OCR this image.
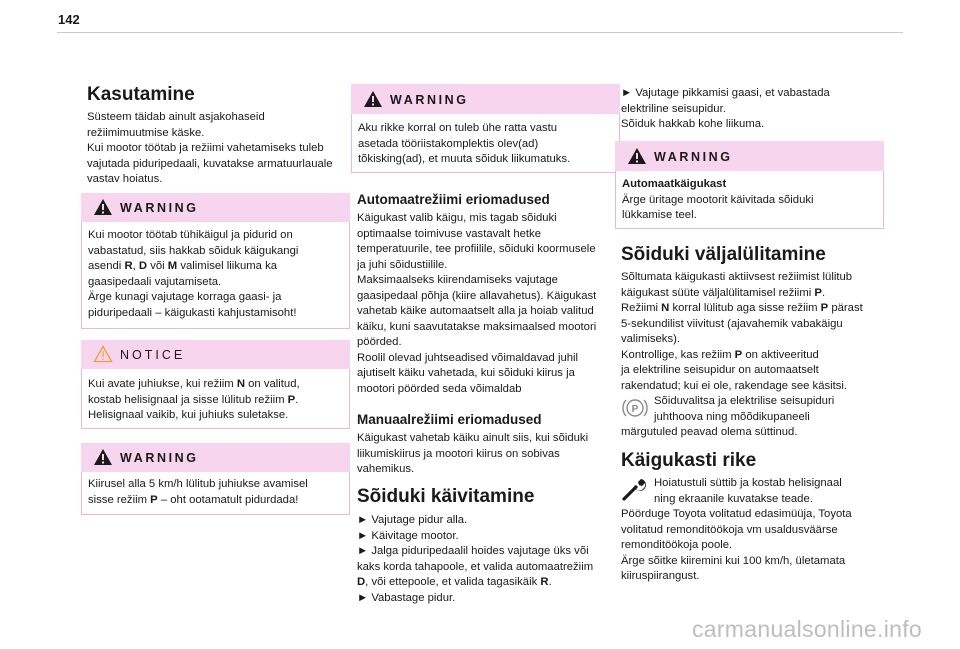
142
Kasutamine
Süsteem täidab ainult asjakohaseid
režiimimuutmise käske.
Kui mootor töötab ja režiimi vahetamiseks tuleb
vajutada piduripedaali, kuvatakse armatuurlauale
vastav hoiatus.
WARNING
Kui mootor töötab tühikäigul ja pidurid on
vabastatud, siis hakkab sõiduk käigukangi
asendi R, D või M valimisel liikuma ka
gaasipedaali vajutamiseta.
Ärge kunagi vajutage korraga gaasi- ja
piduripedaali – käigukasti kahjustamisoht!
NOTICE
Kui avate juhiukse, kui režiim N on valitud,
kostab helisignaal ja sisse lülitub režiim P.
Helisignaal vaikib, kui juhiuks suletakse.
WARNING
Kiirusel alla 5 km/h lülitub juhiukse avamisel
sisse režiim P – oht ootamatult pidurdada!
WARNING
Aku rikke korral on tuleb ühe ratta vastu
asetada tööriistakomplektis olev(ad)
tõkisking(ad), et muuta sõiduk liikumatuks.
Automaatrežiimi eriomadused
Käigukast valib käigu, mis tagab sõiduki
optimaalse toimivuse vastavalt hetke
temperatuurile, tee profiilile, sõiduki koormusele
ja juhi sõidustiilile.
Maksimaalseks kiirendamiseks vajutage
gaasipedaal põhja (kiire allavahetus). Käigukast
vahetab käike automaatselt alla ja hoiab valitud
käiku, kuni saavutatakse maksimaalsed mootori
pöörded.
Roolil olevad juhtseadised võimaldavad juhil
ajutiselt käiku vahetada, kui sõiduki kiirus ja
mootori pöörded seda võimaldab
Manuaalrežiimi eriomadused
Käigukast vahetab käiku ainult siis, kui sõiduki
liikumiskiirus ja mootori kiirus on sobivas
vahemikus.
Sõiduki käivitamine
► Vajutage pidur alla.
► Käivitage mootor.
► Jalga piduripedaalil hoides vajutage üks või
kaks korda tahapoole, et valida automaatrežiim
D, või ettepoole, et valida tagasikäik R.
► Vabastage pidur.
► Vajutage pikkamisi gaasi, et vabastada
elektriline seisupidur.
Sõiduk hakkab kohe liikuma.
WARNING
Automaatkäigukast
Ärge üritage mootorit käivitada sõiduki
lükkamise teel.
Sõiduki väljalülitamine
Sõltumata käigukasti aktiivsest režiimist lülitub
käigukast süüte väljalülitamisel režiimi P.
Režiimi N korral lülitub aga sisse režiim P pärast
5-sekundilist viivitust (ajavahemik vabakäigu
valimiseks).
Kontrollige, kas režiim P on aktiveeritud
ja elektriline seisupidur on automaatselt
rakendatud; kui ei ole, rakendage see käsitsi.
Sõiduvalitsa ja elektrilise seisupiduri
juhthoova ning mõõdikupaneeli
märgutuled peavad olema süttinud.
P
Käigukasti rike
Hoiatustuli süttib ja kostab helisignaal
ning ekraanile kuvatakse teade.
Pöörduge Toyota volitatud edasimüüja, Toyota
volitatud remonditöökoja vm usaldusväärse
remonditöökoja poole.
Ärge sõitke kiiremini kui 100 km/h, ületamata
kiiruspiirangust.
carmanualsonline.info
